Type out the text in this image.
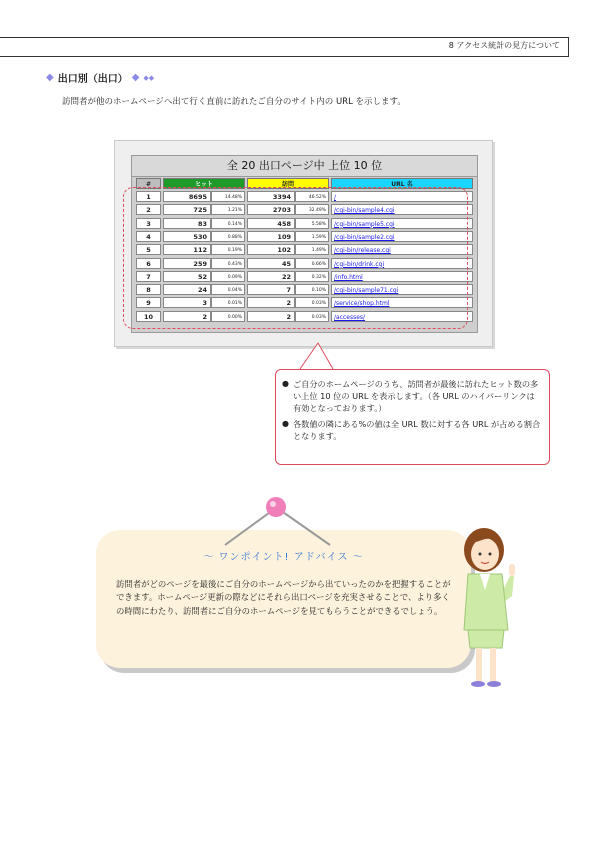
8 アクセス統計の見方について
◆ 出口別（出口） ◆ ◆◆
訪問者が他のホームページへ出て行く直前に訪れたご自分のサイト内の URL を示します。
全 20 出口ページ中 上位 10 位
#	ヒット	訪問	URL 名
1	8695	14.48%	3394	46.52%	/
2	725	1.21%	2703	32.49%	/cgi-bin/sample4.cgi
3	83	0.14%	458	5.58%	/cgi-bin/sample5.cgi
4	530	0.88%	109	1.59%	/cgi-bin/sample2.cgi
5	112	0.19%	102	1.49%	/cgi-bin/release.cgi
6	259	0.43%	45	0.66%	/cgi-bin/drink.cgi
7	52	0.09%	22	0.32%	/info.html
8	24	0.04%	7	0.10%	/cgi-bin/sample71.cgi
9	3	0.01%	2	0.03%	/service/shop.html
10	2	0.00%	2	0.03%	/accesses/
● ご自分のホームページのうち、訪問者が最後に訪れたヒット数の多い上位 10 位の URL を表示します。（各 URL のハイパーリンクは有効となっております。）
● 各数値の隣にある%の値は全 URL 数に対する各 URL が占める割合となります。
～ ワンポイント! アドバイス ～
訪問者がどのページを最後にご自分のホームページから出ていったのかを把握することができます。ホームページ更新の際などにそれら出口ページを充実させることで、より多くの時間にわたり、訪問者にご自分のホームページを見てもらうことができるでしょう。
